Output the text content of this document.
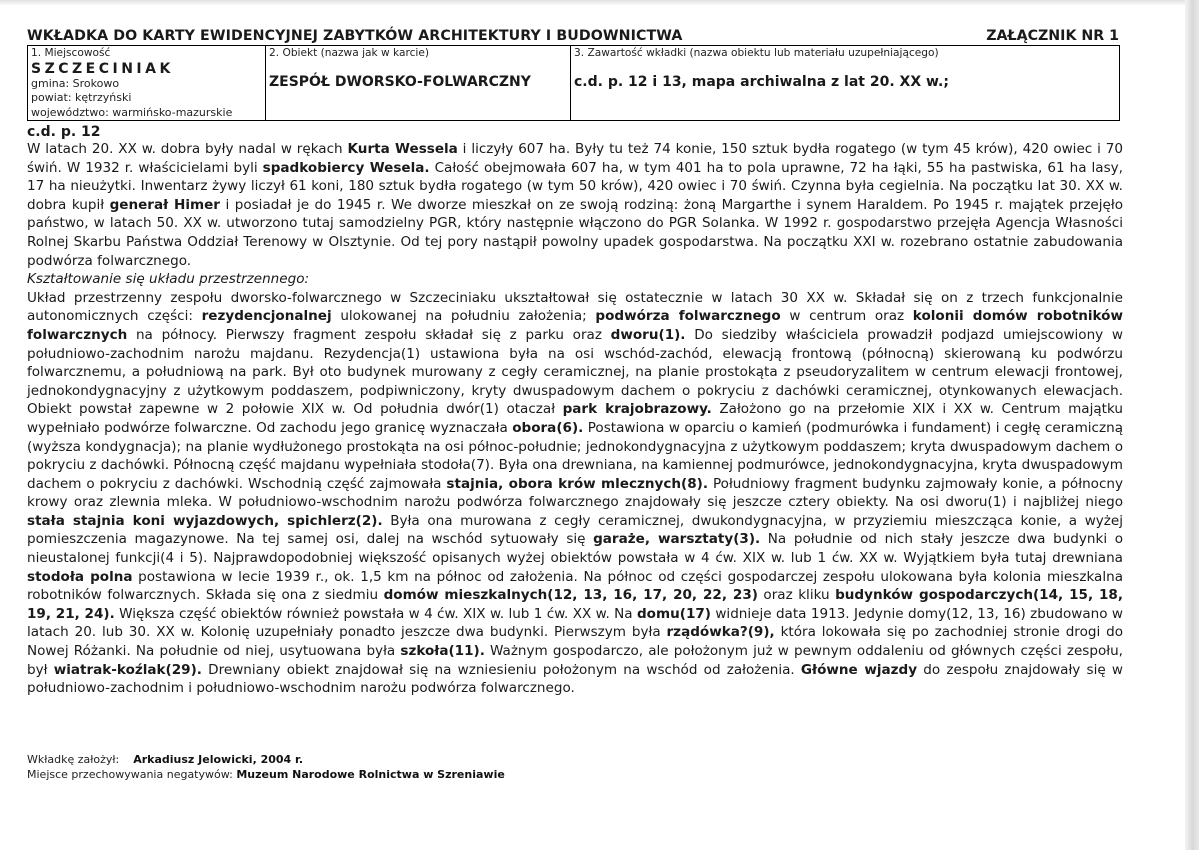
WKŁADKA DO KARTY EWIDENCYJNEJ ZABYTKÓW ARCHITEKTURY I BUDOWNICTWA	ZAŁĄCZNIK NR 1
1. Miejscowość
SZCZECINIAK
gmina: Srokowo
powiat: kętrzyński
województwo: warmińsko-mazurskie

2. Obiekt (nazwa jak w karcie)
ZESPÓŁ DWORSKO-FOLWARCZNY

3. Zawartość wkładki (nazwa obiektu lub materiału uzupełniającego)
c.d. p. 12 i 13, mapa archiwalna z lat 20. XX w.;

c.d. p. 12

W latach 20. XX w. dobra były nadal w rękach Kurta Wessela i liczyły 607 ha. Były tu też 74 konie, 150 sztuk bydła rogatego (w tym 45 krów), 420 owiec i 70 świń. W 1932 r. właścicielami byli spadkobiercy Wesela. Całość obejmowała 607 ha, w tym 401 ha to pola uprawne, 72 ha łąki, 55 ha pastwiska, 61 ha lasy, 17 ha nieużytki. Inwentarz żywy liczył 61 koni, 180 sztuk bydła rogatego (w tym 50 krów), 420 owiec i 70 świń. Czynna była cegielnia. Na początku lat 30. XX w. dobra kupił generał Himer i posiadał je do 1945 r. We dworze mieszkał on ze swoją rodziną: żoną Margarthe i synem Haraldem. Po 1945 r. majątek przejęło państwo, w latach 50. XX w. utworzono tutaj samodzielny PGR, który następnie włączono do PGR Solanka. W 1992 r. gospodarstwo przejęła Agencja Własności Rolnej Skarbu Państwa Oddział Terenowy w Olsztynie. Od tej pory nastąpił powolny upadek gospodarstwa. Na początku XXI w. rozebrano ostatnie zabudowania podwórza folwarcznego.

Kształtowanie się układu przestrzennego:

Układ przestrzenny zespołu dworsko-folwarcznego w Szczeciniaku ukształtował się ostatecznie w latach 30 XX w. Składał się on z trzech funkcjonalnie autonomicznych części: rezydencjonalnej ulokowanej na południu założenia; podwórza folwarcznego w centrum oraz kolonii domów robotników folwarcznych na północy. Pierwszy fragment zespołu składał się z parku oraz dworu(1). Do siedziby właściciela prowadził podjazd umiejscowiony w południowo-zachodnim narożu majdanu. Rezydencja(1) ustawiona była na osi wschód-zachód, elewacją frontową (północną) skierowaną ku podwórzu folwarcznemu, a południową na park. Był oto budynek murowany z cegły ceramicznej, na planie prostokąta z pseudoryzalitem w centrum elewacji frontowej, jednokondygnacyjny z użytkowym poddaszem, podpiwniczony, kryty dwuspadowym dachem o pokryciu z dachówki ceramicznej, otynkowanych elewacjach. Obiekt powstał zapewne w 2 połowie XIX w. Od południa dwór(1) otaczał park krajobrazowy. Założono go na przełomie XIX i XX w. Centrum majątku wypełniało podwórze folwarczne. Od zachodu jego granicę wyznaczała obora(6). Postawiona w oparciu o kamień (podmurówka i fundament) i cegłę ceramiczną (wyższa kondygnacja); na planie wydłużonego prostokąta na osi północ-południe; jednokondygnacyjna z użytkowym poddaszem; kryta dwuspadowym dachem o pokryciu z dachówki. Północną część majdanu wypełniała stodoła(7). Była ona drewniana, na kamiennej podmurówce, jednokondygnacyjna, kryta dwuspadowym dachem o pokryciu z dachówki. Wschodnią część zajmowała stajnia, obora krów mlecznych(8). Południowy fragment budynku zajmowały konie, a północny krowy oraz zlewnia mleka. W południowo-wschodnim narożu podwórza folwarcznego znajdowały się jeszcze cztery obiekty. Na osi dworu(1) i najbliżej niego stała stajnia koni wyjazdowych, spichlerz(2). Była ona murowana z cegły ceramicznej, dwukondygnacyjna, w przyziemiu mieszcząca konie, a wyżej pomieszczenia magazynowe. Na tej samej osi, dalej na wschód sytuowały się garaże, warsztaty(3). Na południe od nich stały jeszcze dwa budynki o nieustalonej funkcji(4 i 5). Najprawdopodobniej większość opisanych wyżej obiektów powstała w 4 ćw. XIX w. lub 1 ćw. XX w. Wyjątkiem była tutaj drewniana stodoła polna postawiona w lecie 1939 r., ok. 1,5 km na północ od założenia. Na północ od części gospodarczej zespołu ulokowana była kolonia mieszkalna robotników folwarcznych. Składa się ona z siedmiu domów mieszkalnych(12, 13, 16, 17, 20, 22, 23) oraz kliku budynków gospodarczych(14, 15, 18, 19, 21, 24). Większa część obiektów również powstała w 4 ćw. XIX w. lub 1 ćw. XX w. Na domu(17) widnieje data 1913. Jedynie domy(12, 13, 16) zbudowano w latach 20. lub 30. XX w. Kolonię uzupełniały ponadto jeszcze dwa budynki. Pierwszym była rządówka?(9), która lokowała się po zachodniej stronie drogi do Nowej Różanki. Na południe od niej, usytuowana była szkoła(11). Ważnym gospodarczo, ale położonym już w pewnym oddaleniu od głównych części zespołu, był wiatrak-koźlak(29). Drewniany obiekt znajdował się na wzniesieniu położonym na wschód od założenia. Główne wjazdy do zespołu znajdowały się w południowo-zachodnim i południowo-wschodnim narożu podwórza folwarcznego.

Wkładkę założył: Arkadiusz Jelowicki, 2004 r.
Miejsce przechowywania negatywów: Muzeum Narodowe Rolnictwa w Szreniawie
